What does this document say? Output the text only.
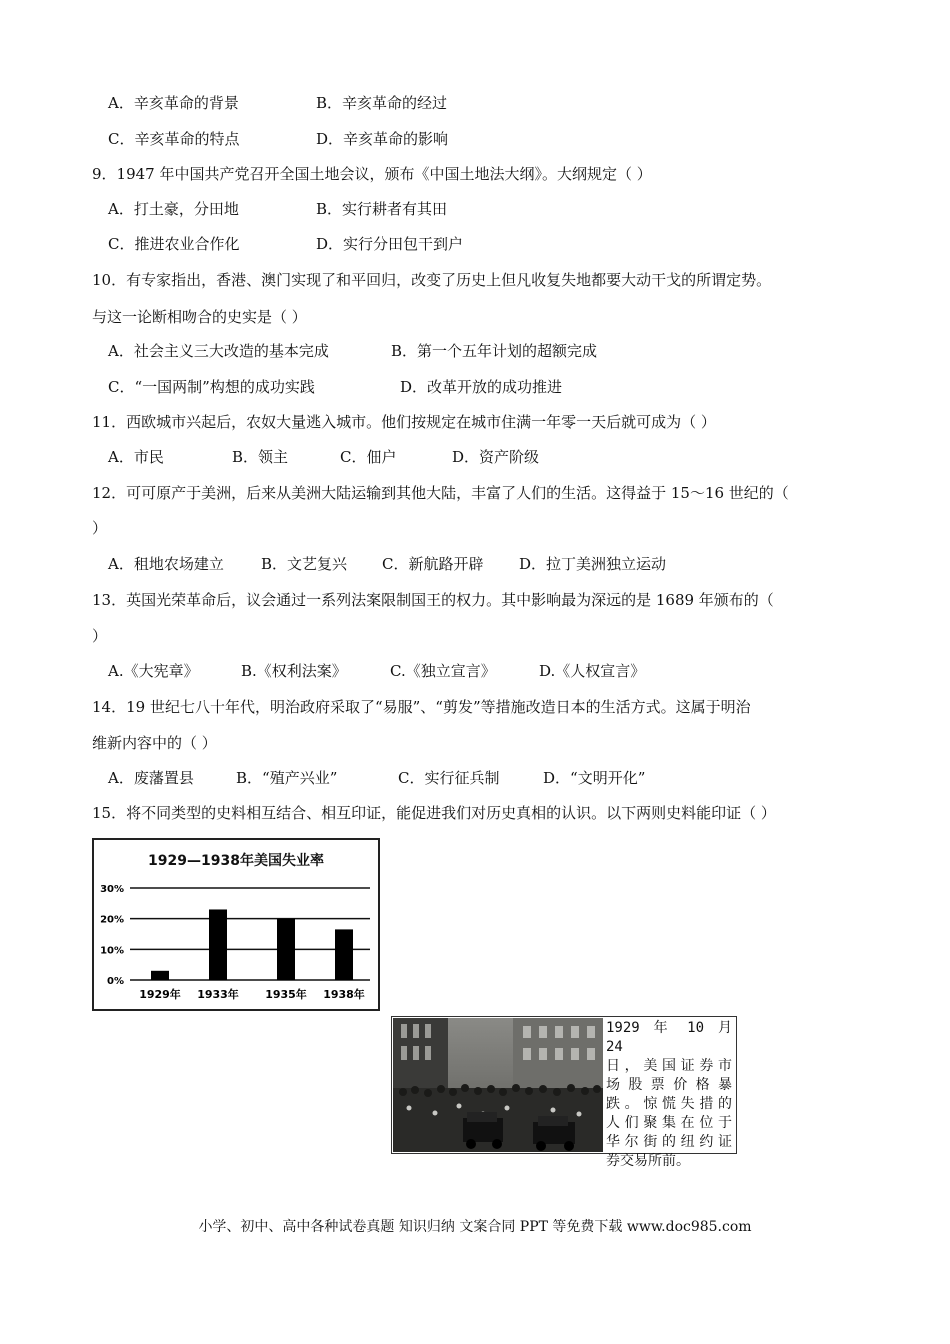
A．辛亥革命的背景	B．辛亥革命的经过
C．辛亥革命的特点	D．辛亥革命的影响
9．1947 年中国共产党召开全国土地会议，颁布《中国土地法大纲》。大纲规定（ ）
A．打土豪，分田地	B．实行耕者有其田
C．推进农业合作化	D．实行分田包干到户
10．有专家指出，香港、澳门实现了和平回归，改变了历史上但凡收复失地都要大动干戈的所谓定势。
与这一论断相吻合的史实是（ ）
A．社会主义三大改造的基本完成	B．第一个五年计划的超额完成
C．“一国两制”构想的成功实践	D．改革开放的成功推进
11．西欧城市兴起后，农奴大量逃入城市。他们按规定在城市住满一年零一天后就可成为（ ）
A．市民	B．领主	C．佃户	D．资产阶级
12．可可原产于美洲，后来从美洲大陆运输到其他大陆，丰富了人们的生活。这得益于 15～16 世纪的（
）
A．租地农场建立 B．文艺复兴 C．新航路开辟 D．拉丁美洲独立运动
13．英国光荣革命后，议会通过一系列法案限制国王的权力。其中影响最为深远的是 1689 年颁布的（
）
A.《大宪章》	B.《权利法案》	C.《独立宣言》	D.《人权宣言》
14．19 世纪七八十年代，明治政府采取了“易服”、“剪发”等措施改造日本的生活方式。这属于明治
维新内容中的（ ）
A．废藩置县	B．“殖产兴业”	C．实行征兵制	D．“文明开化”
15．将不同类型的史料相互结合、相互印证，能促进我们对历史真相的认识。以下两则史料能印证（ ）
1929—1938年美国失业率
0%
10%
20%
30%
1929年 1933年 1935年 1938年
1929 年 10 月 24
日，美国证券市
场股票价格暴
跌。惊慌失措的
人们聚集在位于
华尔街的纽约证
券交易所前。
小学、初中、高中各种试卷真题 知识归纳 文案合同 PPT 等免费下载 www.doc985.com
